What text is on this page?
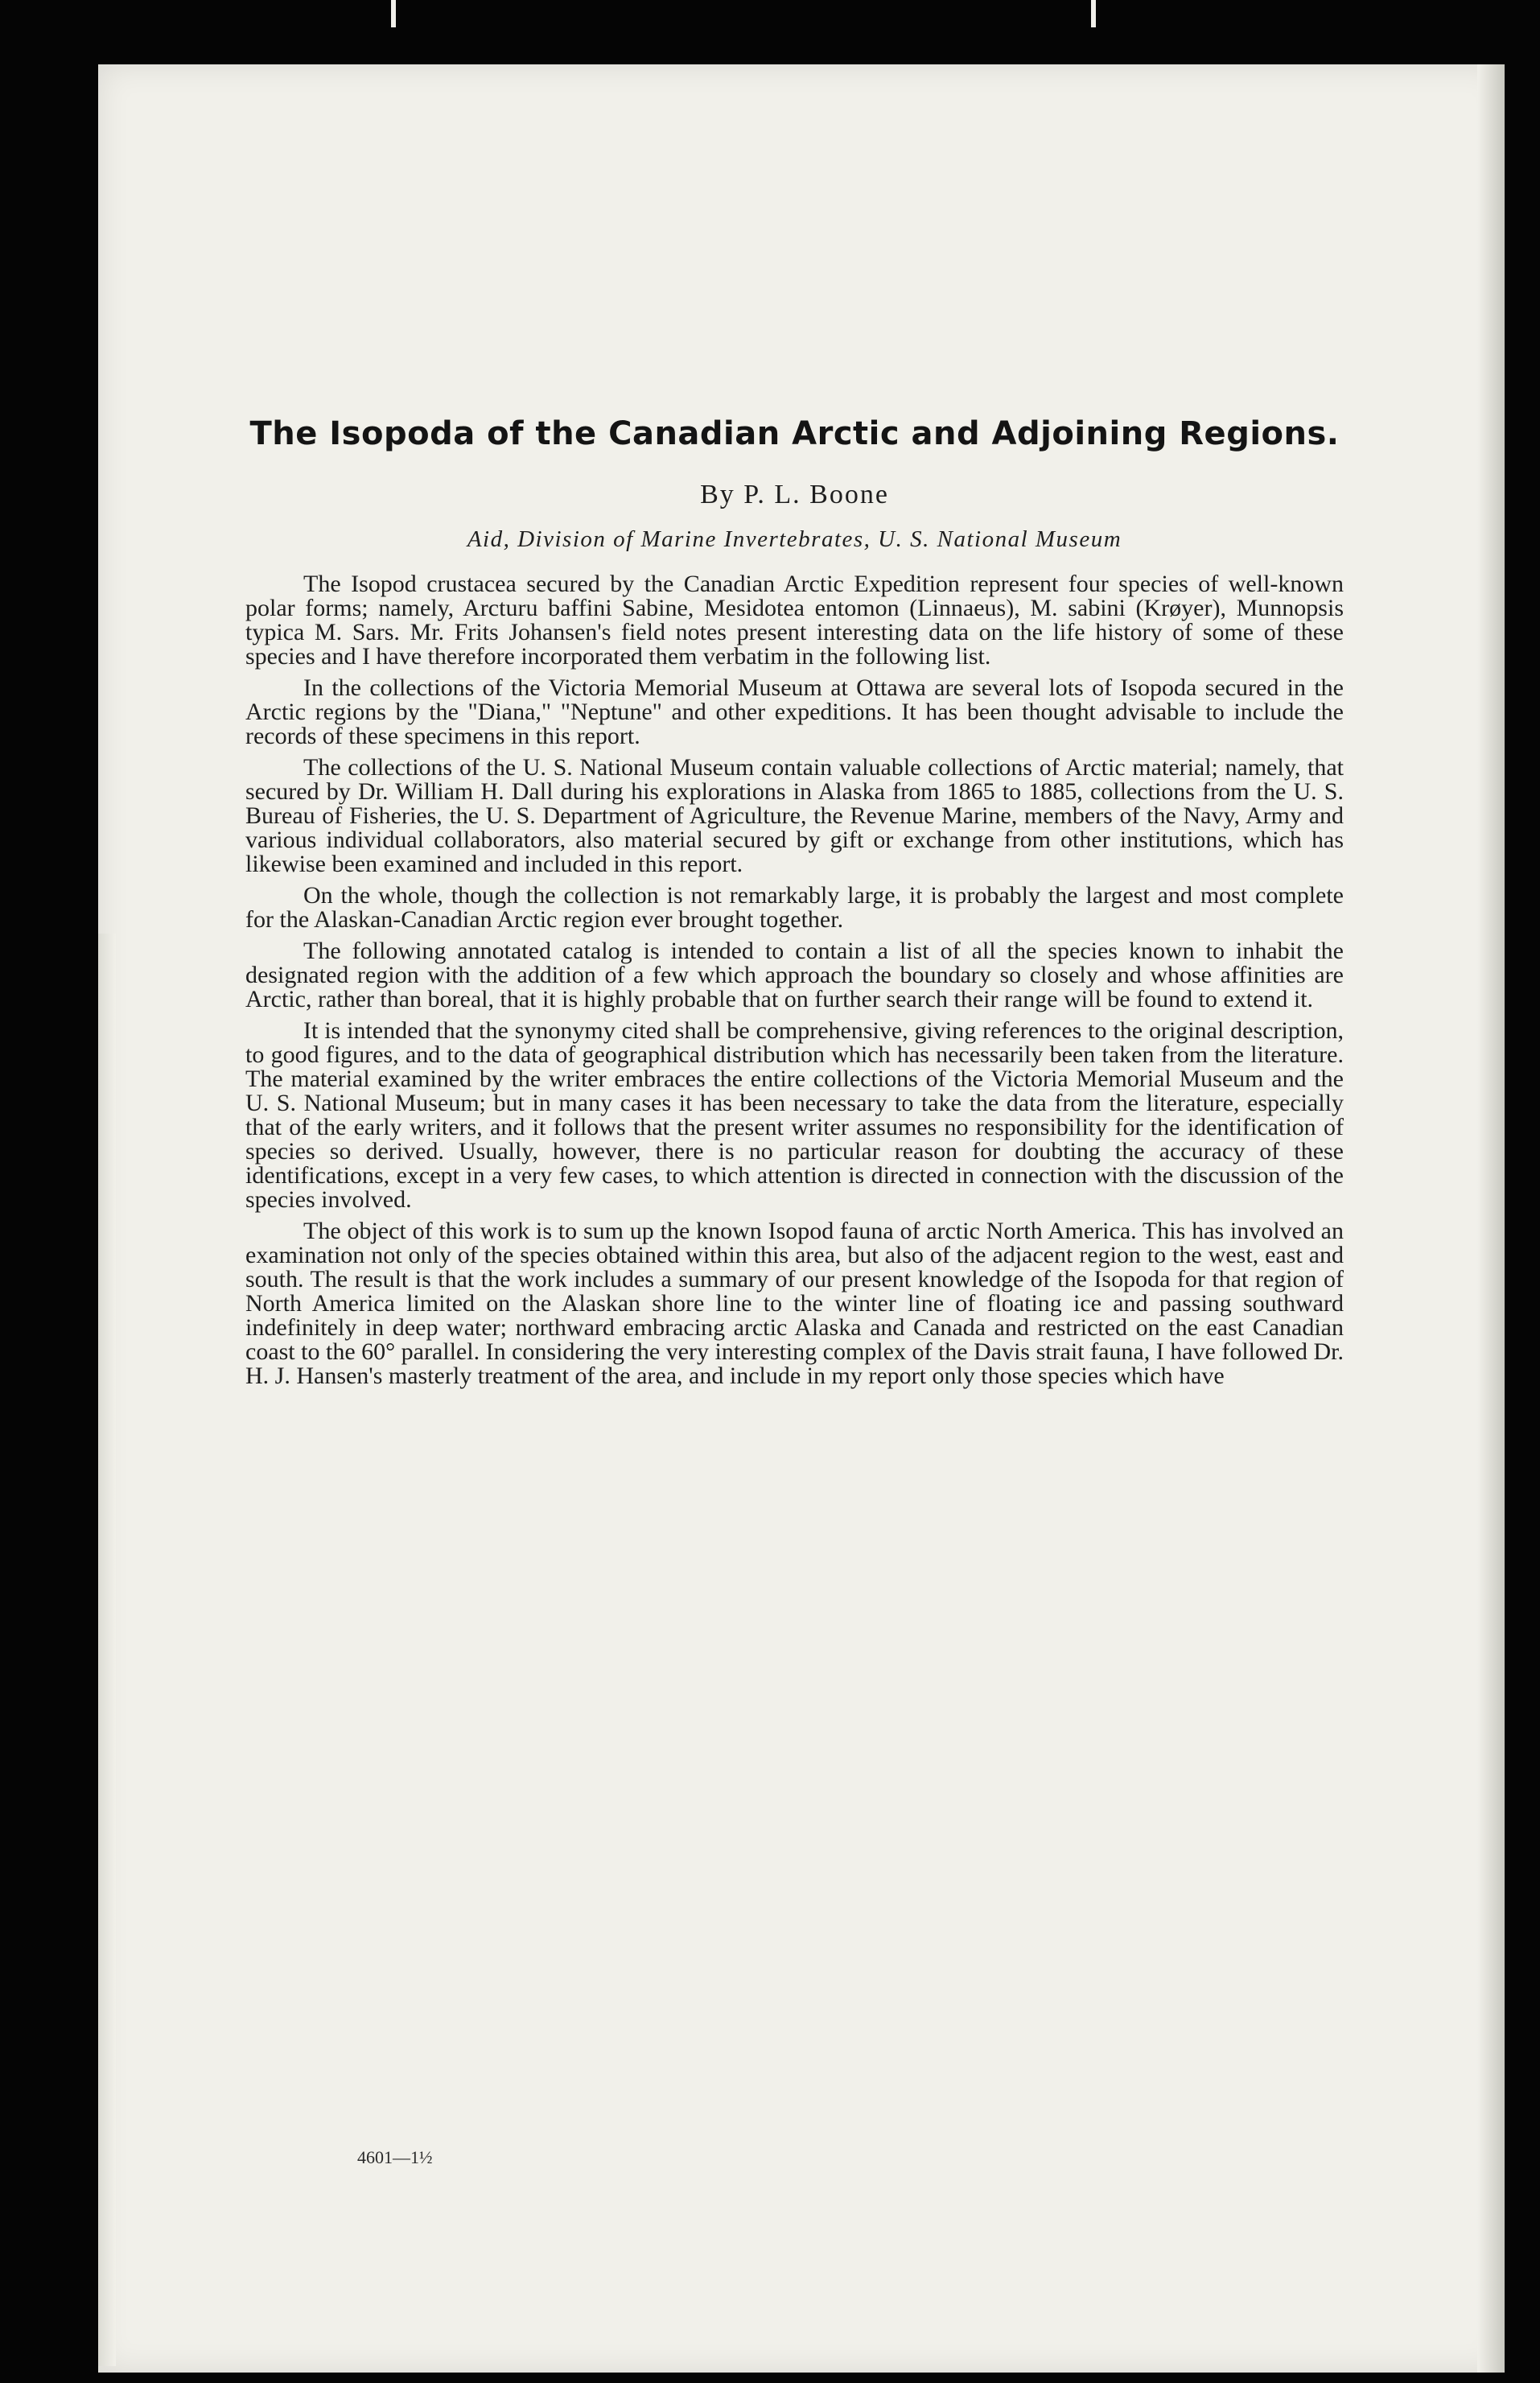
The Isopoda of the Canadian Arctic and Adjoining Regions.
By P. L. Boone
Aid, Division of Marine Invertebrates, U. S. National Museum

The Isopod crustacea secured by the Canadian Arctic Expedition represent four species of well-known polar forms; namely, Arcturu baffini Sabine, Mesidotea entomon (Linnaeus), M. sabini (Krøyer), Munnopsis typica M. Sars. Mr. Frits Johansen's field notes present interesting data on the life history of some of these species and I have therefore incorporated them verbatim in the following list.

In the collections of the Victoria Memorial Museum at Ottawa are several lots of Isopoda secured in the Arctic regions by the "Diana," "Neptune" and other expeditions. It has been thought advisable to include the records of these specimens in this report.

The collections of the U. S. National Museum contain valuable collections of Arctic material; namely, that secured by Dr. William H. Dall during his explorations in Alaska from 1865 to 1885, collections from the U. S. Bureau of Fisheries, the U. S. Department of Agriculture, the Revenue Marine, members of the Navy, Army and various individual collaborators, also material secured by gift or exchange from other institutions, which has likewise been examined and included in this report.

On the whole, though the collection is not remarkably large, it is probably the largest and most complete for the Alaskan-Canadian Arctic region ever brought together.

The following annotated catalog is intended to contain a list of all the species known to inhabit the designated region with the addition of a few which approach the boundary so closely and whose affinities are Arctic, rather than boreal, that it is highly probable that on further search their range will be found to extend it.

It is intended that the synonymy cited shall be comprehensive, giving references to the original description, to good figures, and to the data of geographical distribution which has necessarily been taken from the literature. The material examined by the writer embraces the entire collections of the Victoria Memorial Museum and the U. S. National Museum; but in many cases it has been necessary to take the data from the literature, especially that of the early writers, and it follows that the present writer assumes no responsibility for the identification of species so derived. Usually, however, there is no particular reason for doubting the accuracy of these identifications, except in a very few cases, to which attention is directed in connection with the discussion of the species involved.

The object of this work is to sum up the known Isopod fauna of arctic North America. This has involved an examination not only of the species obtained within this area, but also of the adjacent region to the west, east and south. The result is that the work includes a summary of our present knowledge of the Isopoda for that region of North America limited on the Alaskan shore line to the winter line of floating ice and passing southward indefinitely in deep water; northward embracing arctic Alaska and Canada and restricted on the east Canadian coast to the 60° parallel. In considering the very interesting complex of the Davis strait fauna, I have followed Dr. H. J. Hansen's masterly treatment of the area, and include in my report only those species which have

4601—1½
